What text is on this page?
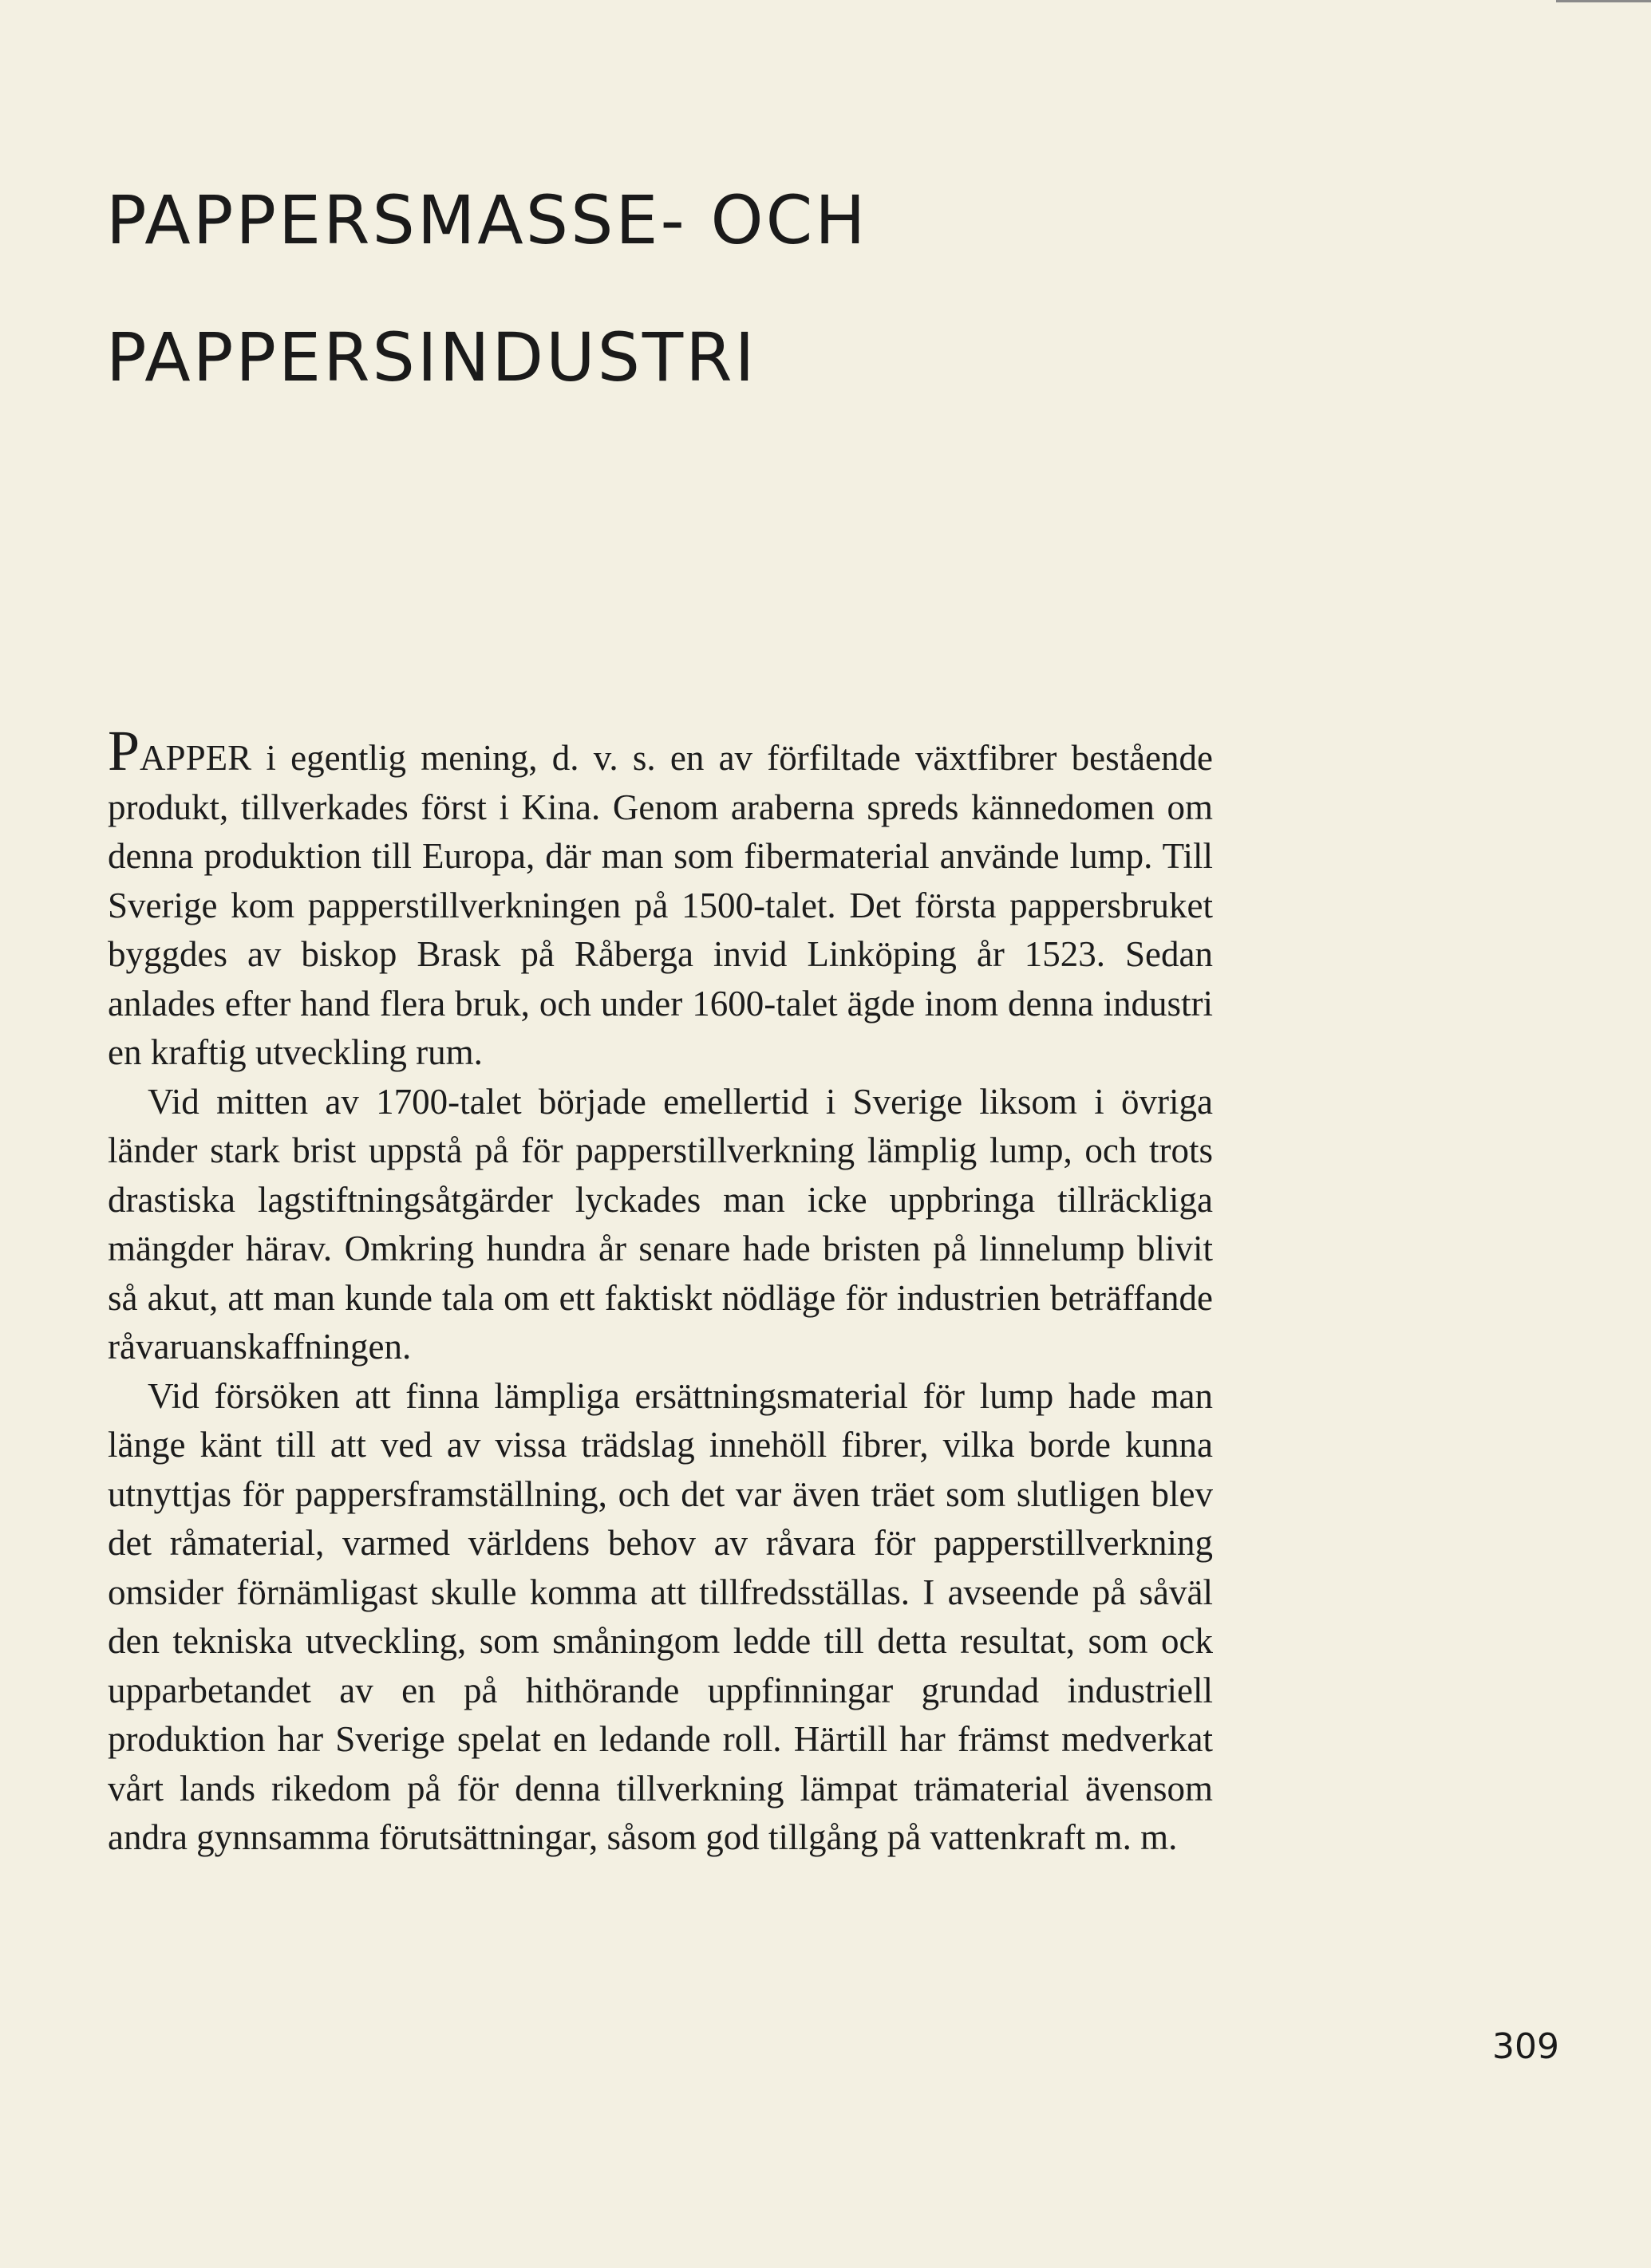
PAPPERSMASSE- OCH
PAPPERSINDUSTRI

PAPPER i egentlig mening, d. v. s. en av förfiltade växtfibrer bestående produkt, tillverkades först i Kina. Genom araberna spreds kännedomen om denna produktion till Europa, där man som fibermaterial använde lump. Till Sverige kom papperstillverkningen på 1500-talet. Det första pappersbruket byggdes av biskop Brask på Råberga invid Linköping år 1523. Sedan anlades efter hand flera bruk, och under 1600-talet ägde inom denna industri en kraftig utveckling rum.

Vid mitten av 1700-talet började emellertid i Sverige liksom i övriga länder stark brist uppstå på för papperstillverkning lämplig lump, och trots drastiska lagstiftningsåtgärder lyckades man icke uppbringa tillräckliga mängder härav. Omkring hundra år senare hade bristen på linnelump blivit så akut, att man kunde tala om ett faktiskt nödläge för industrien beträffande råvaruanskaffningen.

Vid försöken att finna lämpliga ersättningsmaterial för lump hade man länge känt till att ved av vissa trädslag innehöll fibrer, vilka borde kunna utnyttjas för pappersframställning, och det var även träet som slutligen blev det råmaterial, varmed världens behov av råvara för papperstillverkning omsider förnämligast skulle komma att tillfredsställas. I avseende på såväl den tekniska utveckling, som småningom ledde till detta resultat, som ock upparbetandet av en på hithörande uppfinningar grundad industriell produktion har Sverige spelat en ledande roll. Härtill har främst medverkat vårt lands rikedom på för denna tillverkning lämpat trämaterial ävensom andra gynnsamma förutsättningar, såsom god tillgång på vattenkraft m. m.

309
